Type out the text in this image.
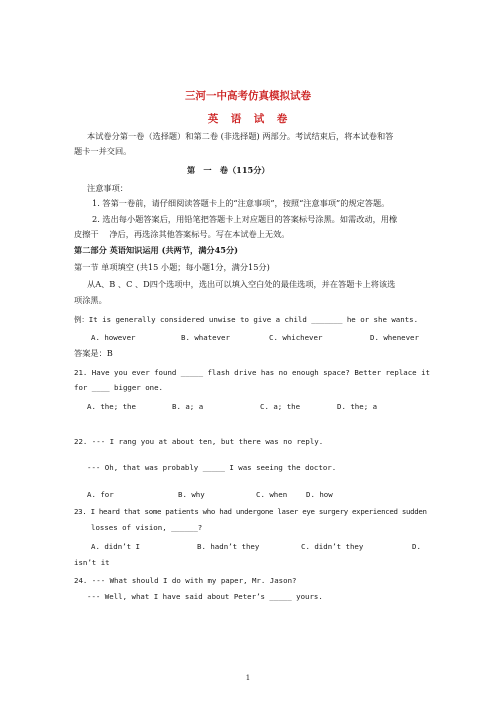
三河一中高考仿真模拟试卷
英　语　试　卷
本试卷分第一卷（选择题）和第二卷 (非选择题) 两部分。考试结束后，将本试卷和答
题卡一并交回。
第　一　卷（115分）
注意事项：
1. 答第一卷前，请仔细阅读答题卡上的“注意事项”，按照“注意事项”的规定答题。
2. 选出每小题答案后，用铅笔把答题卡上对应题目的答案标号涂黑。如需改动，用橡
皮擦干　 净后，再选涂其他答案标号。写在本试卷上无效。
第二部分 英语知识运用 (共两节，满分45分)
第一节 单项填空 (共15 小题；每小题1分，满分15分)
从A、B 、C 、D四个选项中，选出可以填入空白处的最佳选项，并在答题卡上将该选
项涂黑。
例：It is generally considered unwise to give a child _______ he or she wants.
A. however	B. whatever	C. whichever	D. whenever
答案是：B
21. Have you ever found _____ flash drive has no enough space? Better replace it
for ____ bigger one.
A. the; the	B. a; a	C. a; the	D. the; a
22. --- I rang you at about ten, but there was no reply.
--- Oh, that was probably _____ I was seeing the doctor.
A. for	B. why	C. when	D. how
23. I heard that some patients who had undergone laser eye surgery experienced sudden
losses of vision, ______?
A. didn’t I	B. hadn’t they	C. didn’t they	D.
isn’t it
24. --- What should I do with my paper, Mr. Jason?
--- Well, what I have said about Peter’s _____ yours.
1
